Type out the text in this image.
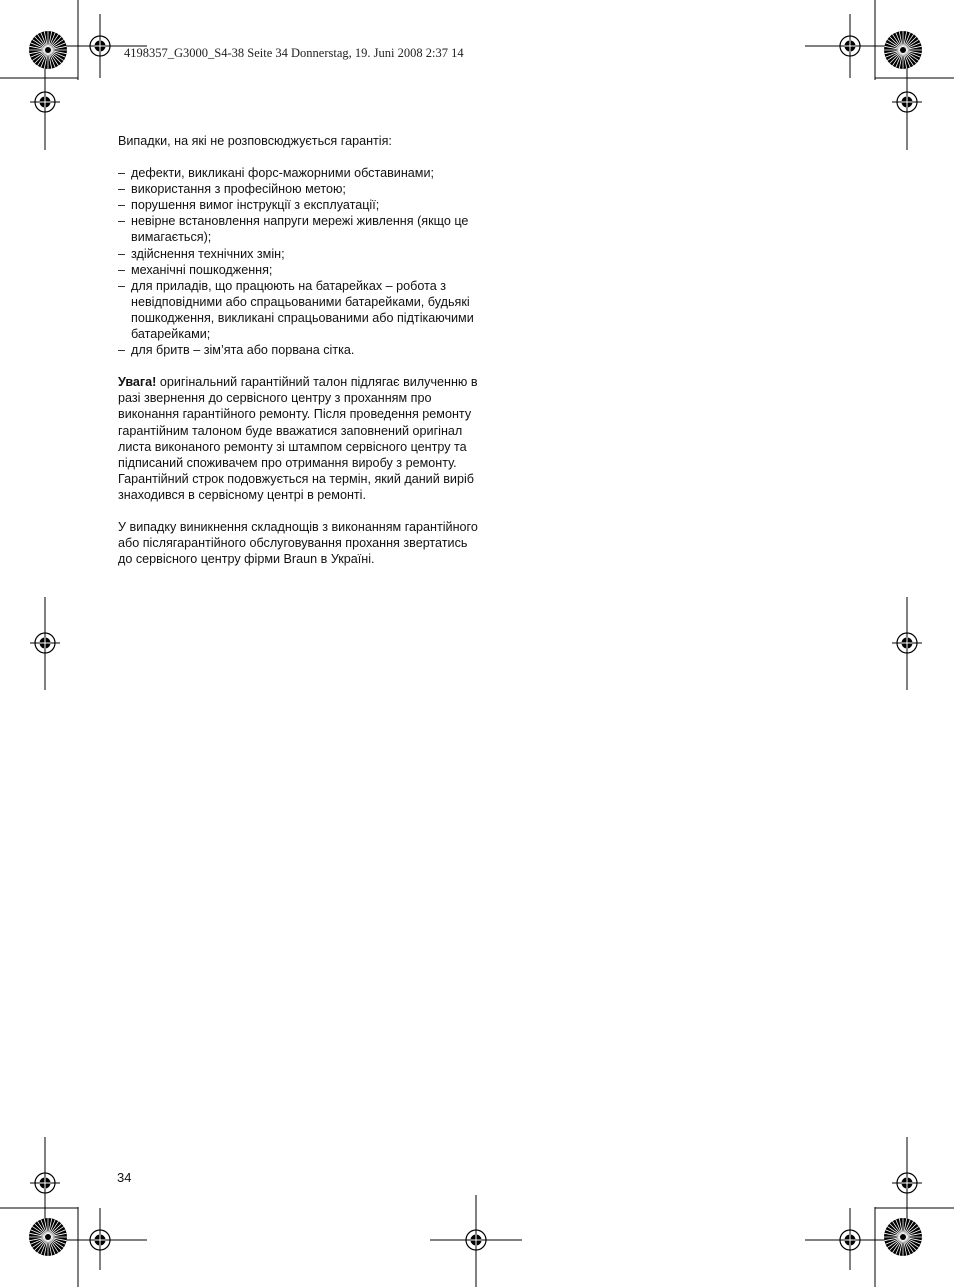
4198357_G3000_S4-38 Seite 34 Donnerstag, 19. Juni 2008 2:37 14

Випадки, на які не розповсюджується гарантія:

– дефекти, викликані форс-мажорними обставинами;
– використання з професійною метою;
– порушення вимог інструкції з експлуатації;
– невірне встановлення напруги мережі живлення (якщо це вимагається);
– здійснення технічних змін;
– механічні пошкодження;
– для приладів, що працюють на батарейках – робота з невідповідними або спрацьованими батарейками, будьякі пошкодження, викликані спрацьованими або підтікаючими батарейками;
– для бритв – зім’ята або порвана сітка.

Увага! оригінальний гарантійний талон підлягає вилученню в разі звернення до сервісного центру з проханням про виконання гарантійного ремонту. Після проведення ремонту гарантійним талоном буде вважатися заповнений оригінал листа виконаного ремонту зі штампом сервісного центру та підписаний споживачем про отримання виробу з ремонту. Гарантійний строк подовжується на термін, який даний виріб знаходився в сервісному центрі в ремонті.

У випадку виникнення складнощів з виконанням гарантійного або післягарантійного обслуговування прохання звертатись до сервісного центру фірми Braun в Україні.

34
